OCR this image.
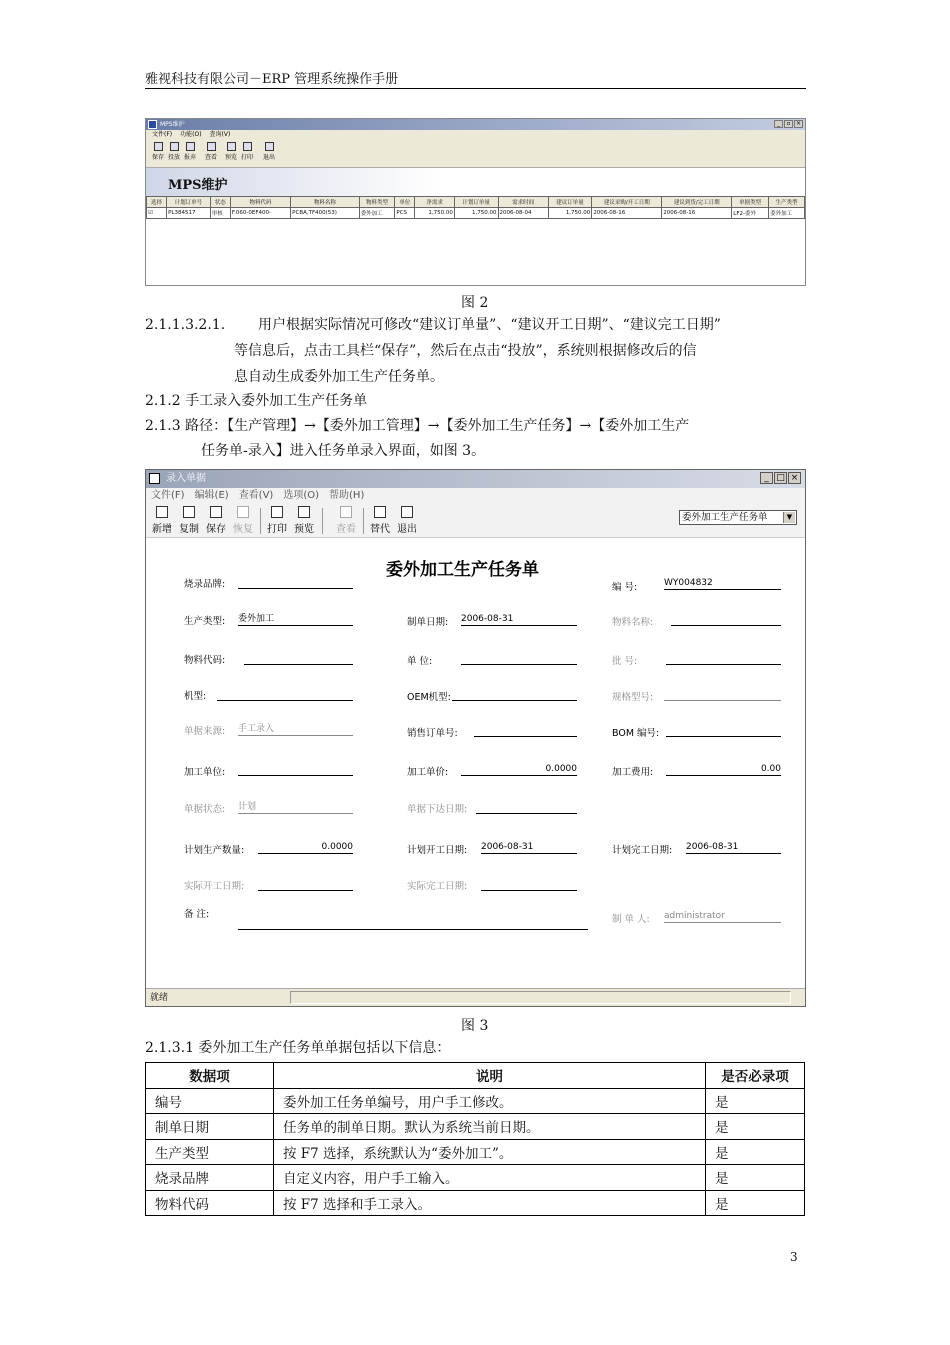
雅视科技有限公司－ERP 管理系统操作手册
MPS维护	_	▫ ×
文件(F) 功能(O) 查询(V)
保存 投放 报弃 查看 预览 打印 退出
MPS维护
选择	计划订单号	状态	物料代码	物料名称	物料类型	单位	净需求	计划订单量	需求时间	建议订单量	建议采购/开工日期	建议到货/完工日期	单据类型	生产类型
☑	PL384517	审核	F.060-0EF400-	PCBA,TF400(53)	委外加工	PCS	1,750.00	1,750.00	2006-08-04	1,750.00	2006-08-16	2006-08-16	LF2-委外	委外加工
图 2
2.1.1.3.2.1. 用户根据实际情况可修改“建议订单量”、“建议开工日期”、“建议完工日期”
等信息后，点击工具栏“保存”，然后在点击“投放”，系统则根据修改后的信
息自动生成委外加工生产任务单。
2.1.2 手工录入委外加工生产任务单
2.1.3 路径：【生产管理】→【委外加工管理】→【委外加工生产任务】→【委外加工生产
任务单-录入】进入任务单录入界面，如图 3。
录入单据	_ □ ×
文件(F) 编辑(E) 查看(V) 选项(O) 帮助(H)
新增 复制 保存 恢复 打印 预览 查看 替代 退出
委外加工生产任务单	▼
委外加工生产任务单
烧录品牌:	编 号:	WY004832
生产类型: 委外加工	制单日期: 2006-08-31	物料名称:
物料代码:	单 位:	批 号:
机型:	OEM机型:	规格型号:
单据来源: 手工录入	销售订单号:	BOM 编号:
加工单位:	加工单价:	0.0000	加工费用:	0.00
单据状态: 计划	单据下达日期:
计划生产数量:	0.0000	计划开工日期: 2006-08-31	计划完工日期: 2006-08-31
实际开工日期:	实际完工日期:
备 注:	制 单 人: administrator
就绪
图 3
2.1.3.1 委外加工生产任务单单据包括以下信息：
数据项	说明	是否必录项
编号	委外加工任务单编号，用户手工修改。	是
制单日期	任务单的制单日期。默认为系统当前日期。	是
生产类型	按 F7 选择，系统默认为“委外加工”。	是
烧录品牌	自定义内容，用户手工输入。	是
物料代码	按 F7 选择和手工录入。	是
3
